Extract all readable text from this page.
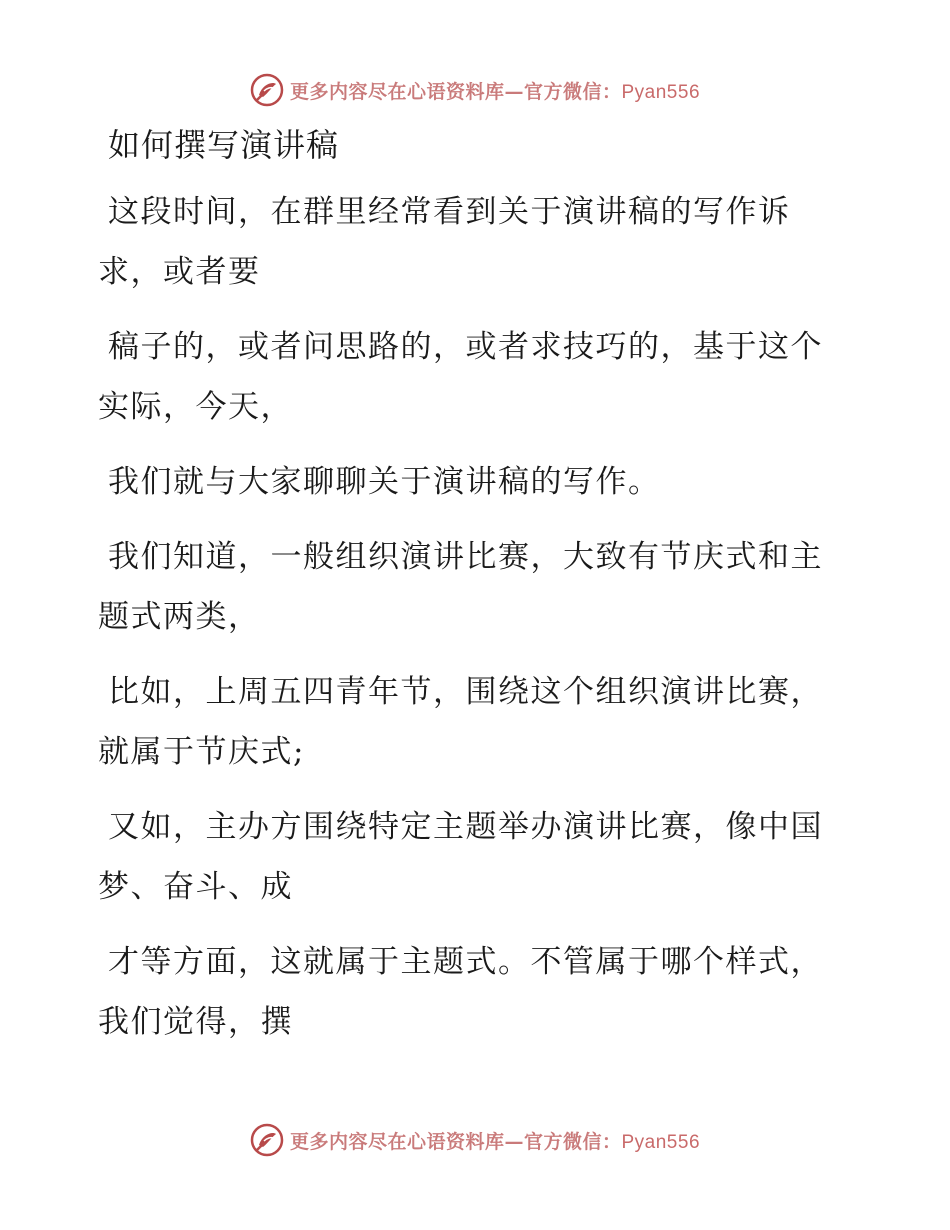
更多内容尽在心语资料库—官方微信：Pyan556
如何撰写演讲稿
这段时间，在群里经常看到关于演讲稿的写作诉求，或者要
稿子的，或者问思路的，或者求技巧的，基于这个实际，今天，
我们就与大家聊聊关于演讲稿的写作。
我们知道，一般组织演讲比赛，大致有节庆式和主题式两类，
比如，上周五四青年节，围绕这个组织演讲比赛，就属于节庆式;
又如，主办方围绕特定主题举办演讲比赛，像中国梦、奋斗、成
才等方面，这就属于主题式。不管属于哪个样式，我们觉得，撰
更多内容尽在心语资料库—官方微信：Pyan556
